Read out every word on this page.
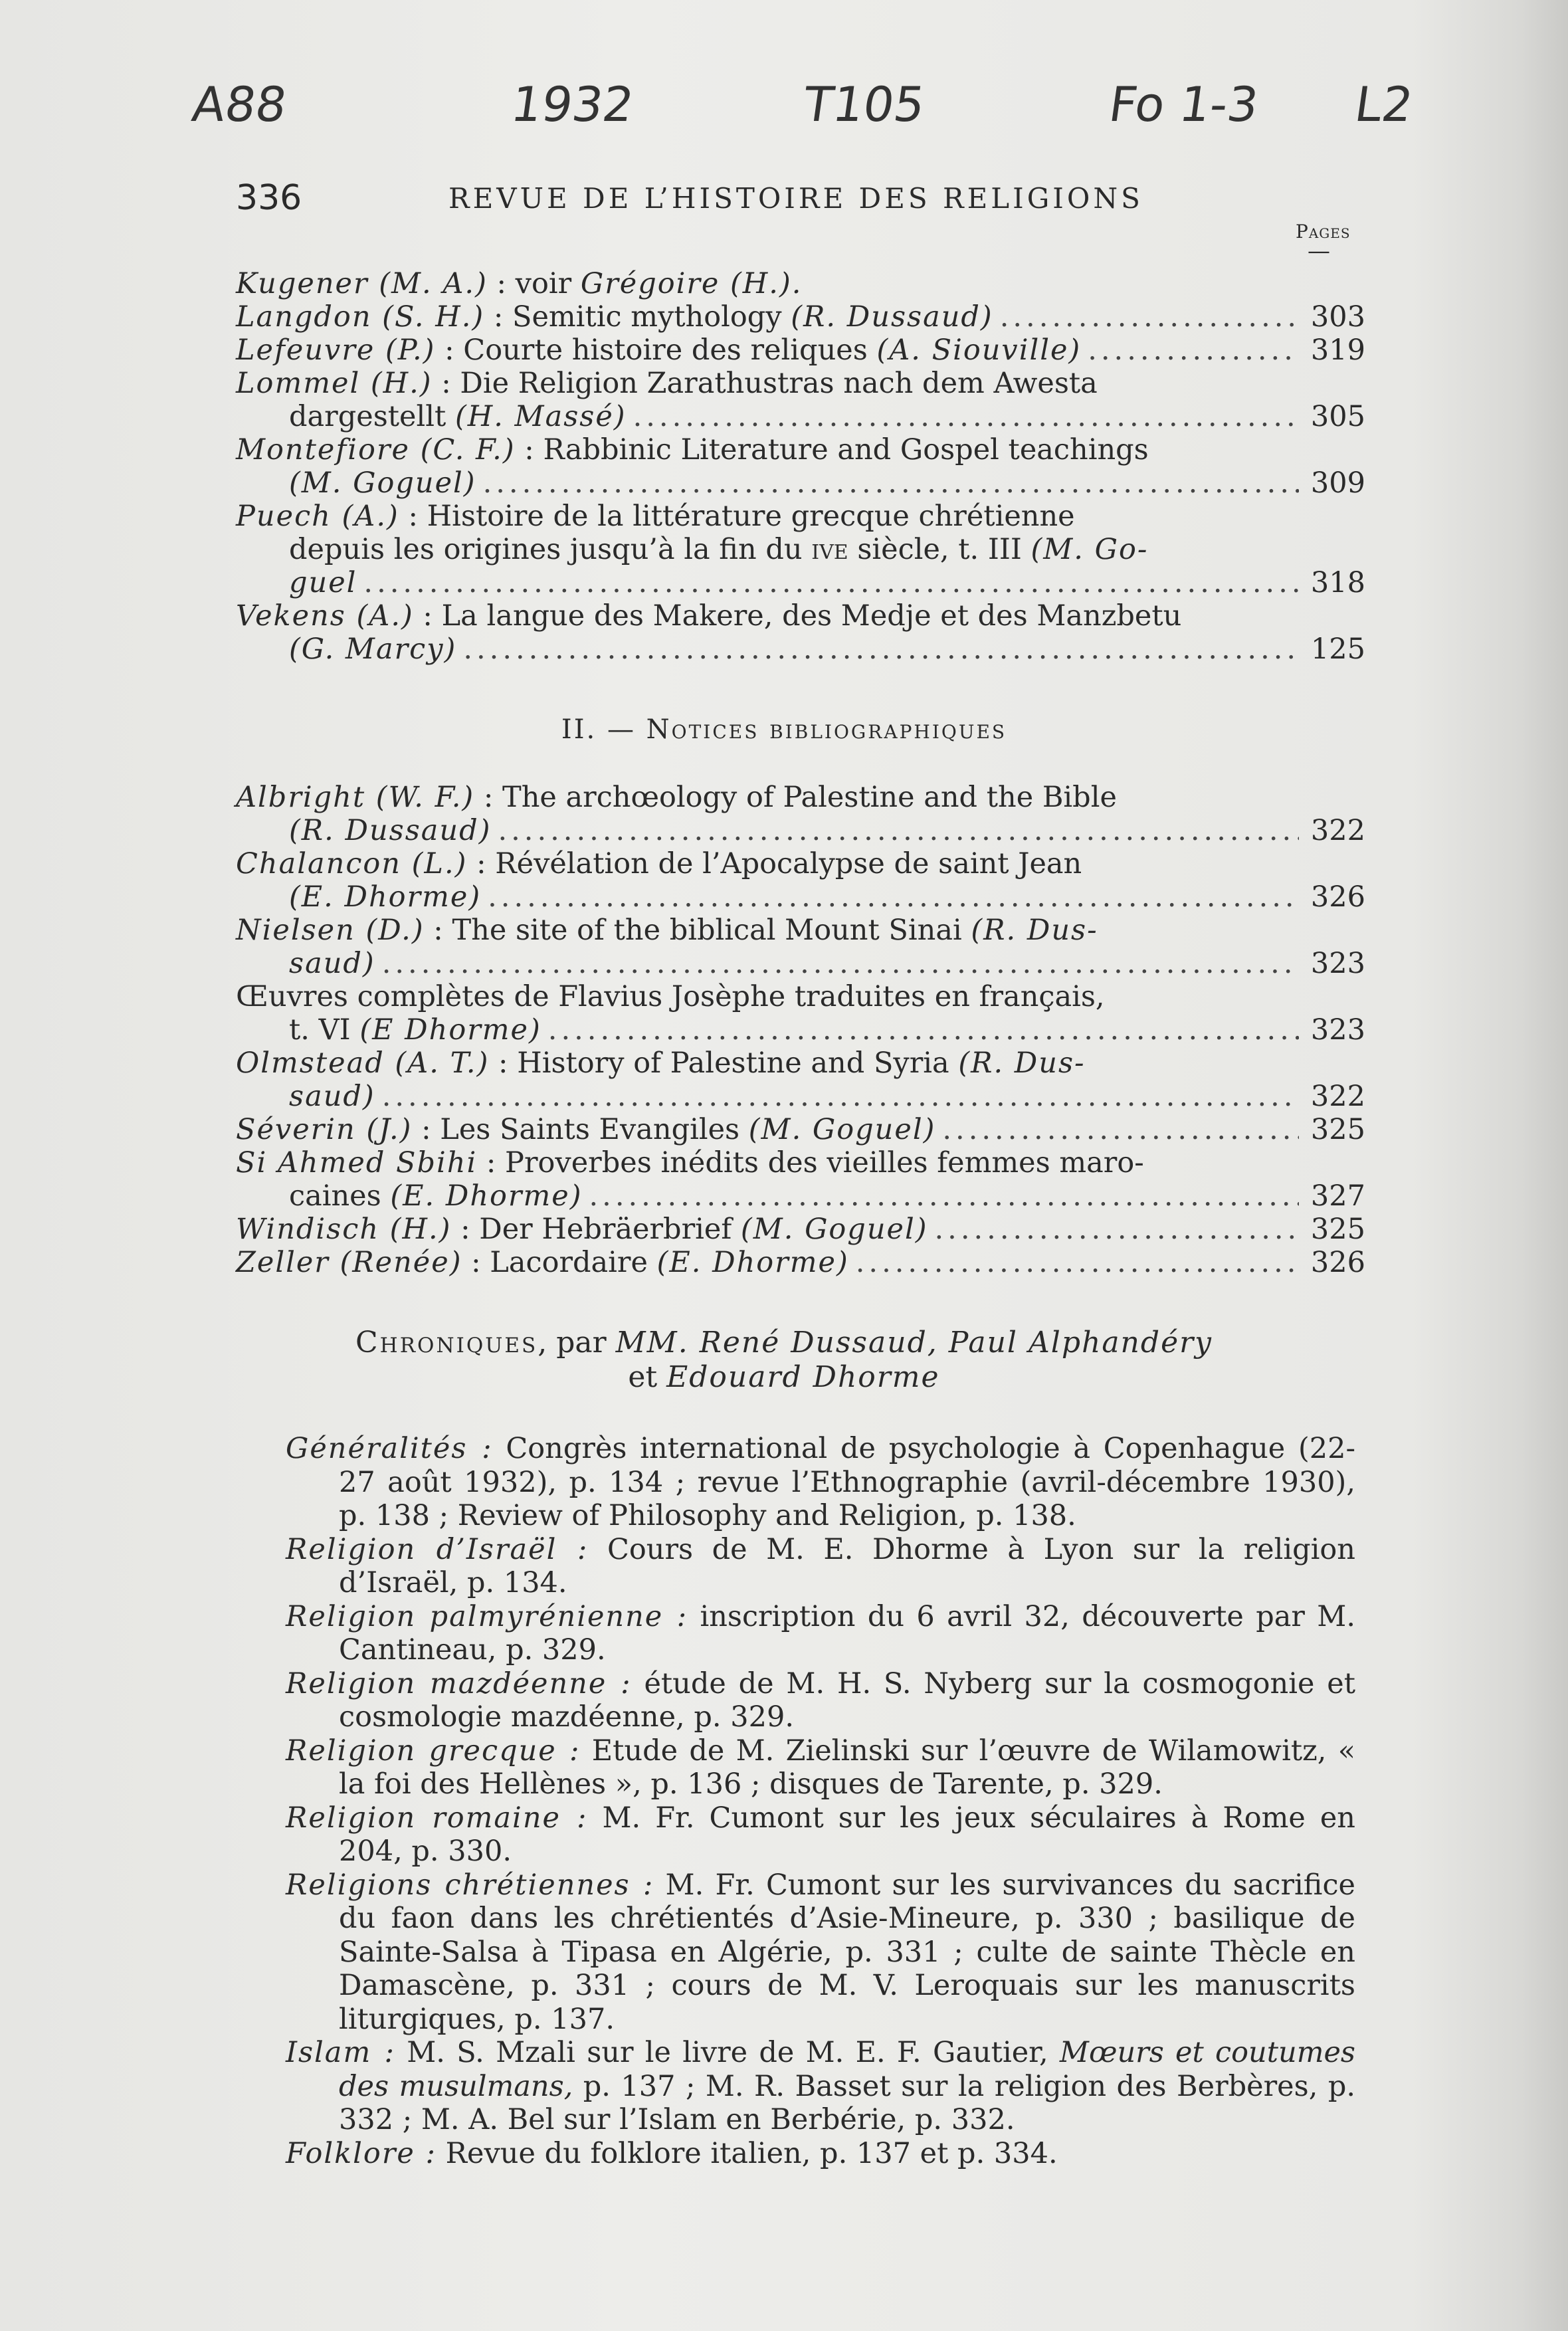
A88	1932	T105	Fo 1-3 L2
336	REVUE DE L’HISTOIRE DES RELIGIONS
Pages
—
Kugener (M. A.) : voir Grégoire (H.).
Langdon (S. H.) : Semitic mythology (R. Dussaud) .....	303
Lefeuvre (P.) : Courte histoire des reliques (A. Siouville) .....	319
Lommel (H.) : Die Religion Zarathustras nach dem Awesta
dargestellt (H. Massé) .....	305
Montefiore (C. F.) : Rabbinic Literature and Gospel teachings
(M. Goguel) .....	309
Puech (A.) : Histoire de la littérature grecque chrétienne
depuis les origines jusqu’à la fin du ive siècle, t. III (M. Go-
guel .....	318
Vekens (A.) : La langue des Makere, des Medje et des Manzbetu
(G. Marcy) .....	125
II. — Notices bibliographiques
Albright (W. F.) : The archœology of Palestine and the Bible
(R. Dussaud) .....	322
Chalancon (L.) : Révélation de l’Apocalypse de saint Jean
(E. Dhorme) .....	326
Nielsen (D.) : The site of the biblical Mount Sinai (R. Dus-
saud) .....	323
Œuvres complètes de Flavius Josèphe traduites en français,
t. VI (E Dhorme) .....	323
Olmstead (A. T.) : History of Palestine and Syria (R. Dus-
saud) .....	322
Séverin (J.) : Les Saints Evangiles (M. Goguel) .....	325
Si Ahmed Sbihi : Proverbes inédits des vieilles femmes maro-
caines (E. Dhorme) .....	327
Windisch (H.) : Der Hebräerbrief (M. Goguel) .....	325
Zeller (Renée) : Lacordaire (E. Dhorme) .....	326
Chroniques, par MM. René Dussaud, Paul Alphandéry
et Edouard Dhorme

Généralités : Congrès international de psychologie à Copenhague (22-27 août 1932), p. 134 ; revue l’Ethnographie (avril-décembre 1930), p. 138 ; Review of Philosophy and Religion, p. 138.

Religion d’Israël : Cours de M. E. Dhorme à Lyon sur la religion d’Israël, p. 134.

Religion palmyrénienne : inscription du 6 avril 32, découverte par M. Cantineau, p. 329.

Religion mazdéenne : étude de M. H. S. Nyberg sur la cosmogonie et cosmologie mazdéenne, p. 329.

Religion grecque : Etude de M. Zielinski sur l’œuvre de Wilamowitz, « la foi des Hellènes », p. 136 ; disques de Tarente, p. 329.

Religion romaine : M. Fr. Cumont sur les jeux séculaires à Rome en 204, p. 330.

Religions chrétiennes : M. Fr. Cumont sur les survivances du sacrifice du faon dans les chrétientés d’Asie-Mineure, p. 330 ; basilique de Sainte-Salsa à Tipasa en Algérie, p. 331 ; culte de sainte Thècle en Damascène, p. 331 ; cours de M. V. Leroquais sur les manuscrits liturgiques, p. 137.

Islam : M. S. Mzali sur le livre de M. E. F. Gautier, Mœurs et coutumes des musulmans, p. 137 ; M. R. Basset sur la religion des Berbères, p. 332 ; M. A. Bel sur l’Islam en Berbérie, p. 332.

Folklore : Revue du folklore italien, p. 137 et p. 334.
